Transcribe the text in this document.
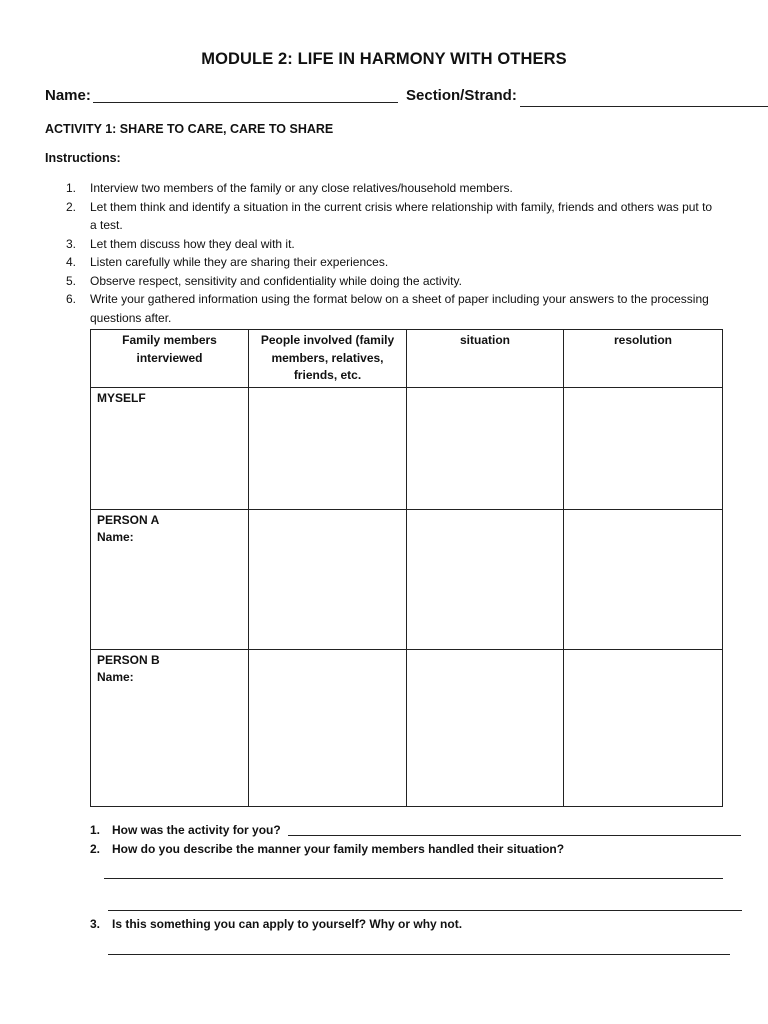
MODULE 2: LIFE IN HARMONY WITH OTHERS
Name:	Section/Strand:
ACTIVITY 1: SHARE TO CARE, CARE TO SHARE
Instructions:
1. Interview two members of the family or any close relatives/household members.
2. Let them think and identify a situation in the current crisis where relationship with family, friends and others was put to a test.
3. Let them discuss how they deal with it.
4. Listen carefully while they are sharing their experiences.
5. Observe respect, sensitivity and confidentiality while doing the activity.
6. Write your gathered information using the format below on a sheet of paper including your answers to the processing questions after.
Family members interviewed	People involved (family members, relatives, friends, etc.	situation	resolution

MYSELF			

PERSON A
Name:			

PERSON B
Name:			

1. How was the activity for you?
2. How do you describe the manner your family members handled their situation?
3. Is this something you can apply to yourself? Why or why not.
